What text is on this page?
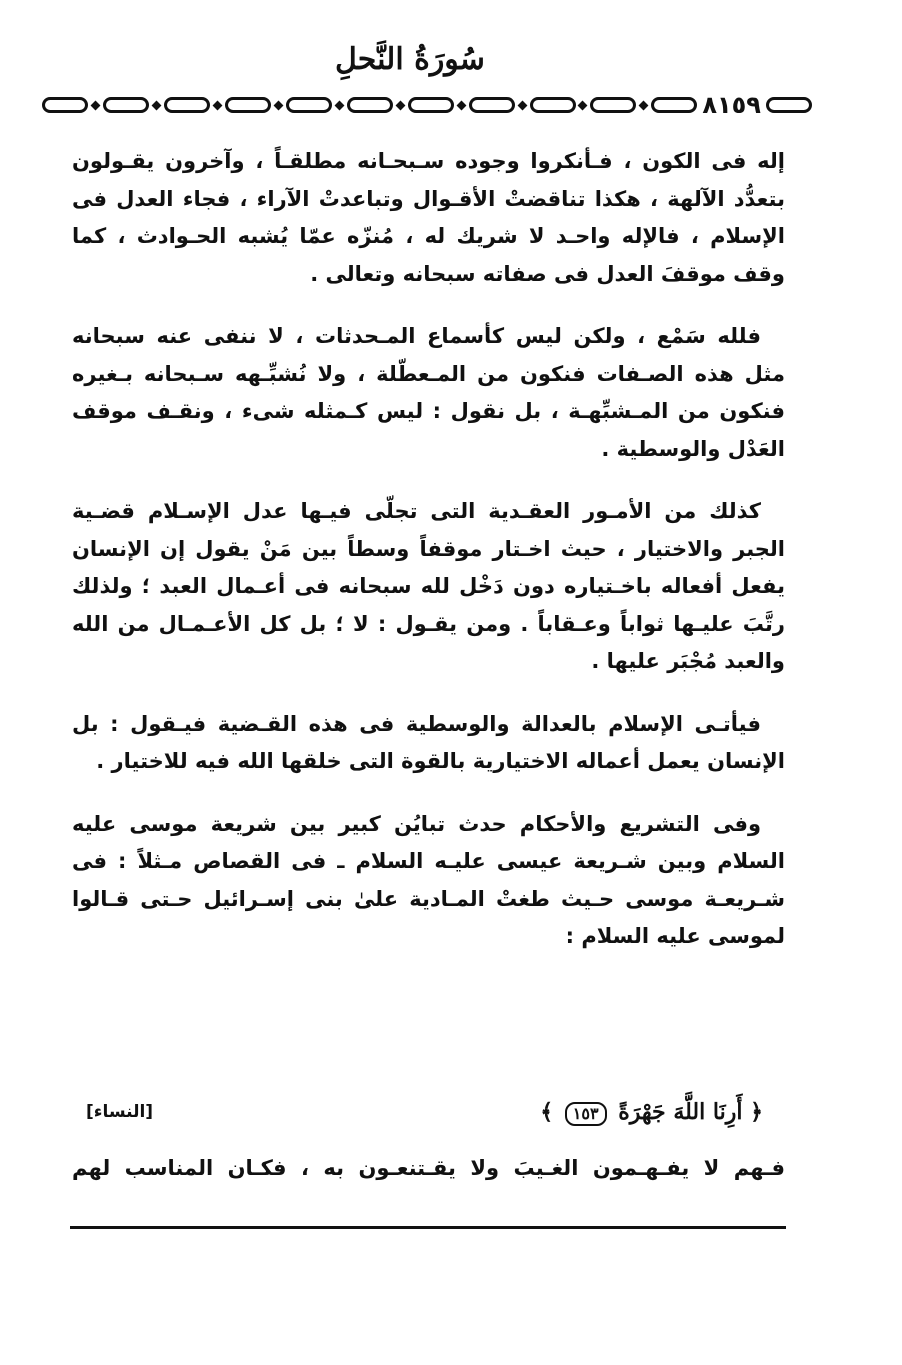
سُورَةُ النَّحلِ
٨١٥٩

إله فى الكون ، فـأنكروا وجوده سـبحـانه مطلقـاً ، وآخرون يقـولون بتعدُّد الآلهة ، هكذا تناقضتْ الأقـوال وتباعدتْ الآراء ، فجاء العدل فى الإسلام ، فالإله واحـد لا شريك له ، مُنزّه عمّا يُشبه الحـوادث ، كما وقف موقفَ العدل فى صفاته سبحانه وتعالى .

فلله سَمْع ، ولكن ليس كأسماع المـحدثات ، لا ننفى عنه سبحانه مثل هذه الصـفات فنكون من المـعطّلة ، ولا نُشبِّـهه سـبحانه بـغيره فنكون من المـشبِّهـة ، بل نقول : ليس كـمثله شىء ، ونقـف موقف العَدْل والوسطية .

كذلك من الأمـور العقـدية التى تجلّى فيـها عدل الإسـلام قضـية الجبر والاختيار ، حيث اخـتار موقفاً وسطاً بين مَنْ يقول إن الإنسان يفعل أفعاله باخـتياره دون دَخْل لله سبحانه فى أعـمال العبد ؛ ولذلك رتَّبَ عليـها ثواباً وعـقاباً . ومن يقـول : لا ؛ بل كل الأعـمـال من الله والعبد مُجْبَر عليها .

فيأتـى الإسلام بالعدالة والوسطية فى هذه القـضية فيـقول : بل الإنسان يعمل أعماله الاختيارية بالقوة التى خلقها الله فيه للاختيار .

وفى التشريع والأحكام حدث تبايُن كبير بين شريعة موسى عليه السلام وبين شـريعة عيسى عليـه السلام ـ فى القصاص مـثلاً : فى شـريعـة موسى حـيث طغتْ المـادية علىٰ بنى إسـرائيل حـتى قـالوا لموسى عليه السلام :

﴿ أَرِنَا اللَّهَ جَهْرَةً ١٥٣ ﴾
[النساء]
فـهم لا يفـهـمون الغـيبَ ولا يقـتنعـون به ، فكـان المناسب لهم
